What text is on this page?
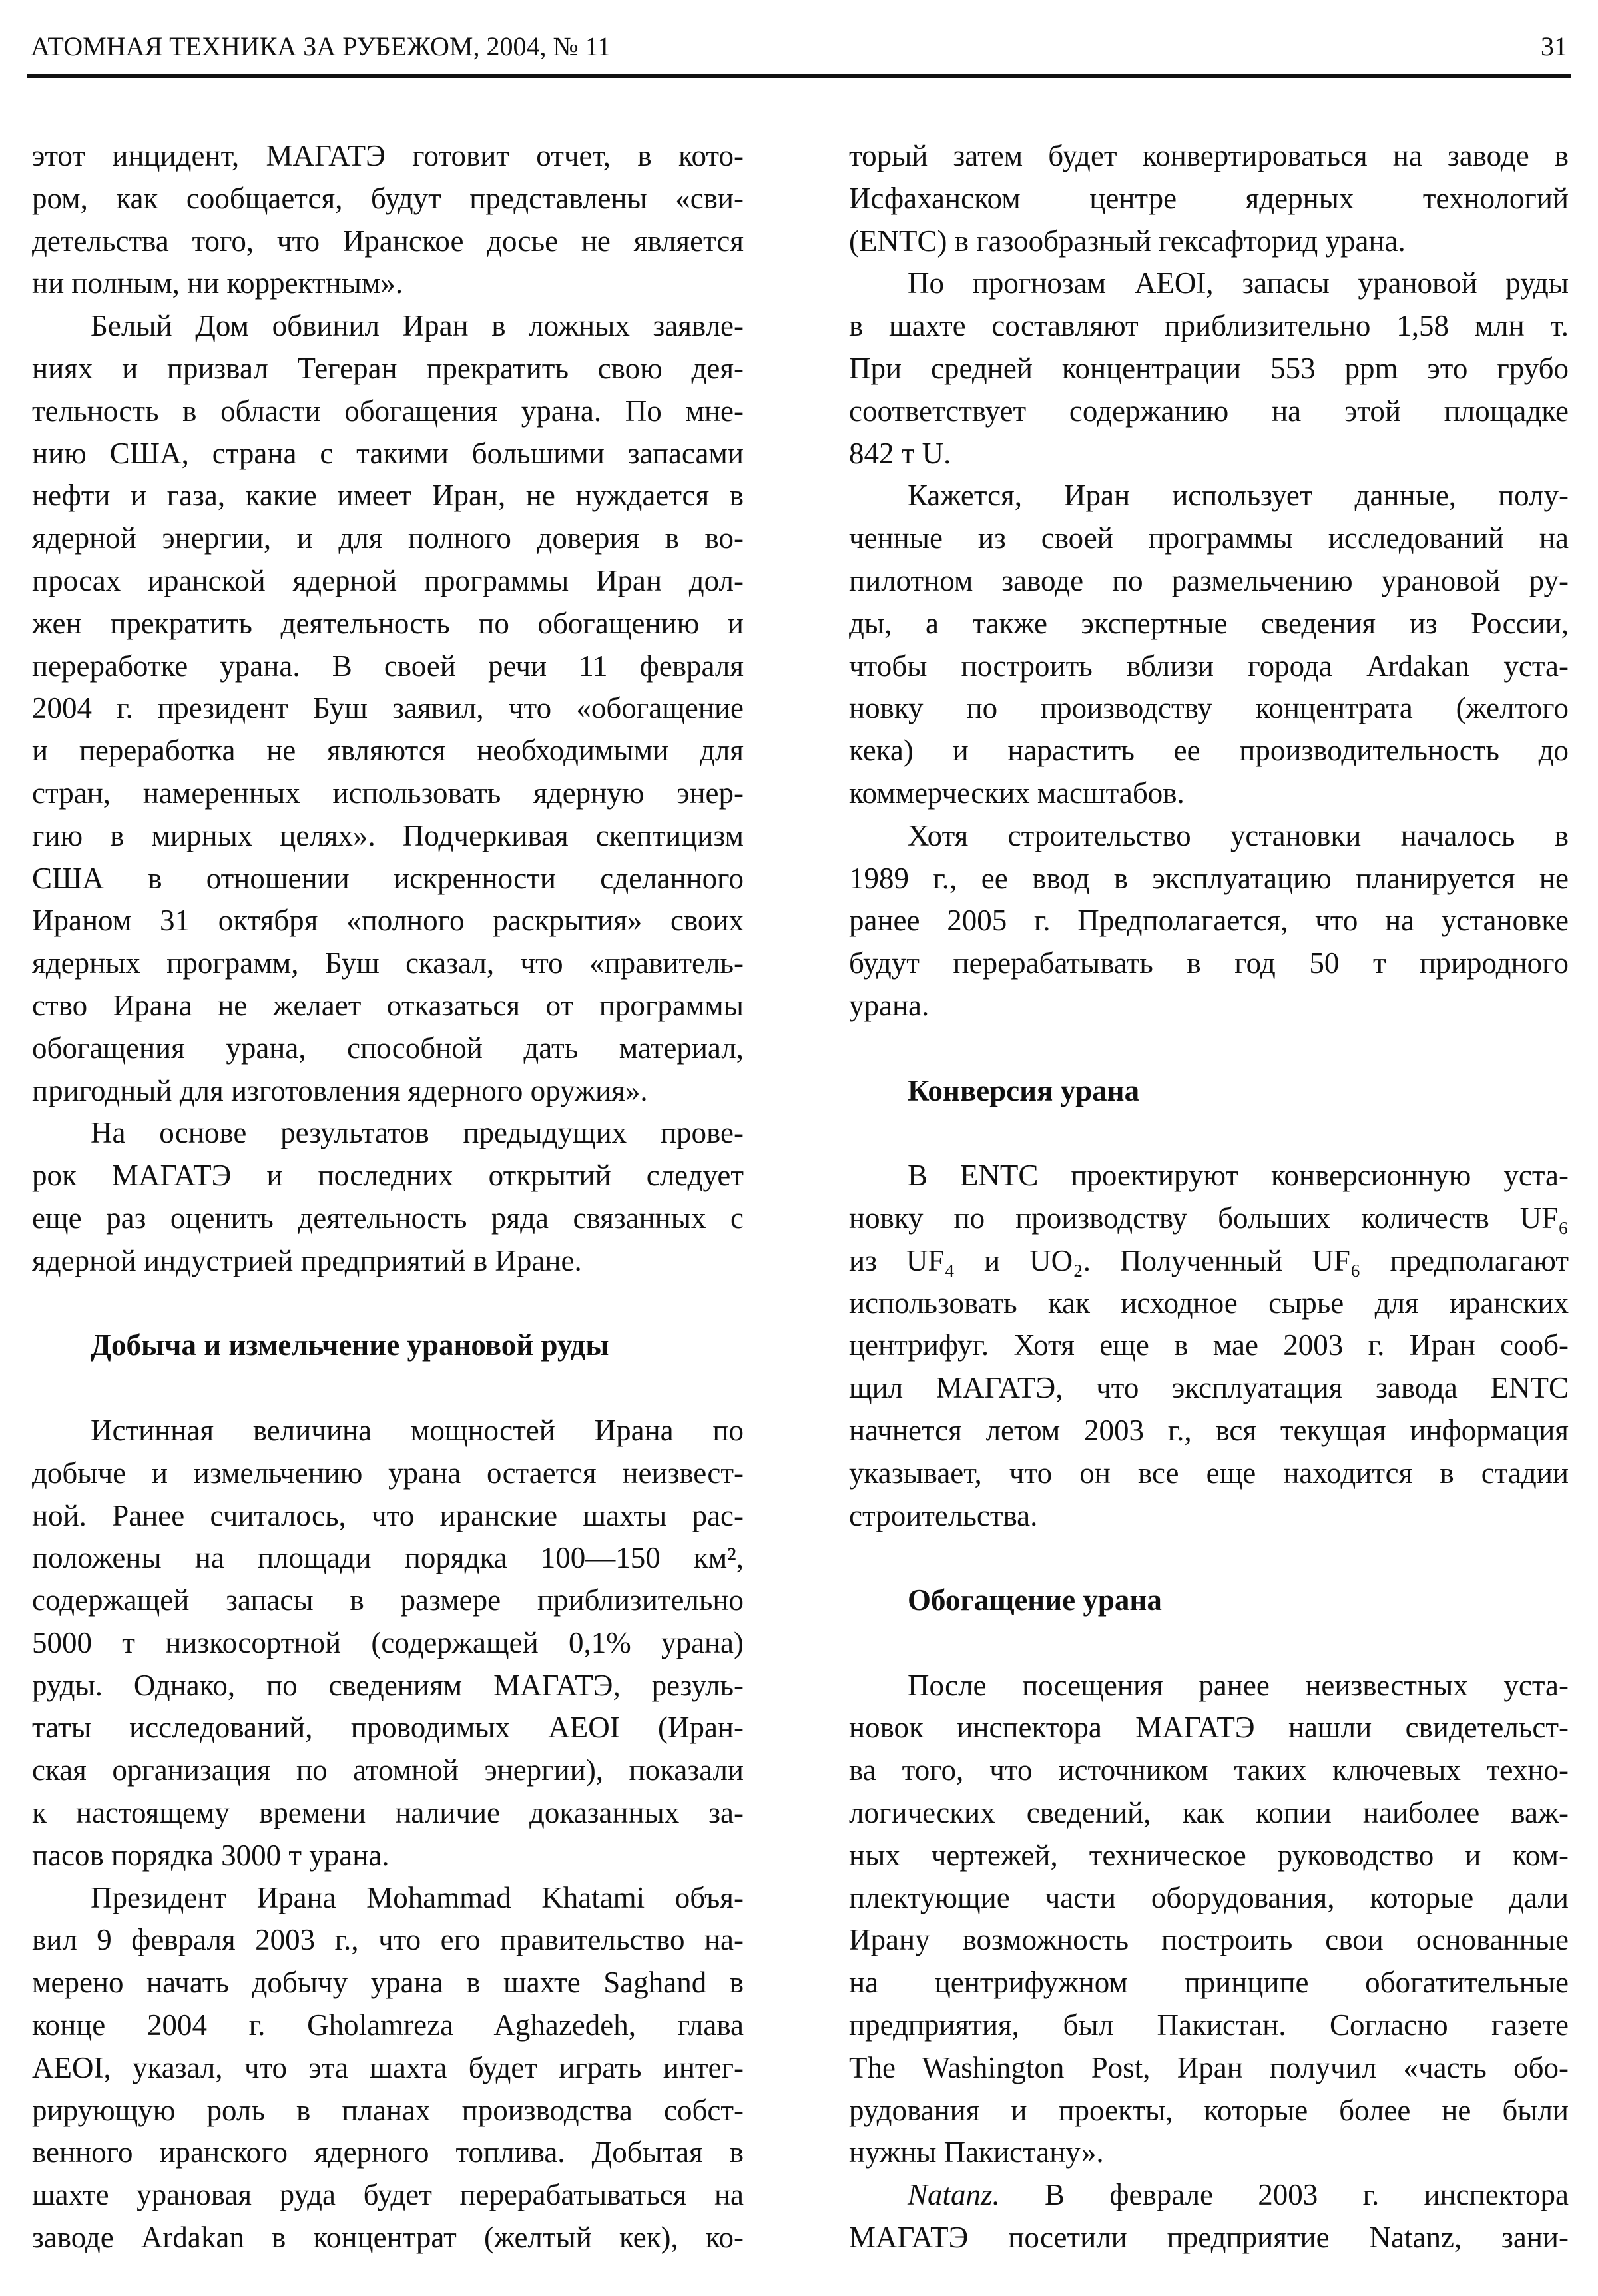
АТОМНАЯ ТЕХНИКА ЗА РУБЕЖОМ, 2004, № 11	31
этот инцидент, МАГАТЭ готовит отчет, в кото-
ром, как сообщается, будут представлены «сви-
детельства того, что Иранское досье не является
ни полным, ни корректным».
Белый Дом обвинил Иран в ложных заявле-
ниях и призвал Тегеран прекратить свою дея-
тельность в области обогащения урана. По мне-
нию США, страна с такими большими запасами
нефти и газа, какие имеет Иран, не нуждается в
ядерной энергии, и для полного доверия в во-
просах иранской ядерной программы Иран дол-
жен прекратить деятельность по обогащению и
переработке урана. В своей речи 11 февраля
2004 г. президент Буш заявил, что «обогащение
и переработка не являются необходимыми для
стран, намеренных использовать ядерную энер-
гию в мирных целях». Подчеркивая скептицизм
США в отношении искренности сделанного
Ираном 31 октября «полного раскрытия» своих
ядерных программ, Буш сказал, что «правитель-
ство Ирана не желает отказаться от программы
обогащения урана, способной дать материал,
пригодный для изготовления ядерного оружия».
На основе результатов предыдущих прове-
рок МАГАТЭ и последних открытий следует
еще раз оценить деятельность ряда связанных с
ядерной индустрией предприятий в Иране.
Добыча и измельчение урановой руды
Истинная величина мощностей Ирана по
добыче и измельчению урана остается неизвест-
ной. Ранее считалось, что иранские шахты рас-
положены на площади порядка 100—150 км²,
содержащей запасы в размере приблизительно
5000 т низкосортной (содержащей 0,1% урана)
руды. Однако, по сведениям МАГАТЭ, резуль-
таты исследований, проводимых AEOI (Иран-
ская организация по атомной энергии), показали
к настоящему времени наличие доказанных за-
пасов порядка 3000 т урана.
Президент Ирана Mohammad Khatami объя-
вил 9 февраля 2003 г., что его правительство на-
мерено начать добычу урана в шахте Saghand в
конце 2004 г. Gholamreza Aghazedeh, глава
AEOI, указал, что эта шахта будет играть интег-
рирующую роль в планах производства собст-
венного иранского ядерного топлива. Добытая в
шахте урановая руда будет перерабатываться на
заводе Ardakan в концентрат (желтый кек), ко-
торый затем будет конвертироваться на заводе в
Исфаханском центре ядерных технологий
(ENTC) в газообразный гексафторид урана.
По прогнозам AEOI, запасы урановой руды
в шахте составляют приблизительно 1,58 млн т.
При средней концентрации 553 ppm это грубо
соответствует содержанию на этой площадке
842 т U.
Кажется, Иран использует данные, полу-
ченные из своей программы исследований на
пилотном заводе по размельчению урановой ру-
ды, а также экспертные сведения из России,
чтобы построить вблизи города Ardakan уста-
новку по производству концентрата (желтого
кека) и нарастить ее производительность до
коммерческих масштабов.
Хотя строительство установки началось в
1989 г., ее ввод в эксплуатацию планируется не
ранее 2005 г. Предполагается, что на установке
будут перерабатывать в год 50 т природного
урана.
Конверсия урана
В ENTC проектируют конверсионную уста-
новку по производству больших количеств UF₆
из UF₄ и UO₂. Полученный UF₆ предполагают
использовать как исходное сырье для иранских
центрифуг. Хотя еще в мае 2003 г. Иран сооб-
щил МАГАТЭ, что эксплуатация завода ENTC
начнется летом 2003 г., вся текущая информация
указывает, что он все еще находится в стадии
строительства.
Обогащение урана
После посещения ранее неизвестных уста-
новок инспектора МАГАТЭ нашли свидетельст-
ва того, что источником таких ключевых техно-
логических сведений, как копии наиболее важ-
ных чертежей, техническое руководство и ком-
плектующие части оборудования, которые дали
Ирану возможность построить свои основанные
на центрифужном принципе обогатительные
предприятия, был Пакистан. Согласно газете
The Washington Post, Иран получил «часть обо-
рудования и проекты, которые более не были
нужны Пакистану».
Natanz. В феврале 2003 г. инспектора
МАГАТЭ посетили предприятие Natanz, зани-
